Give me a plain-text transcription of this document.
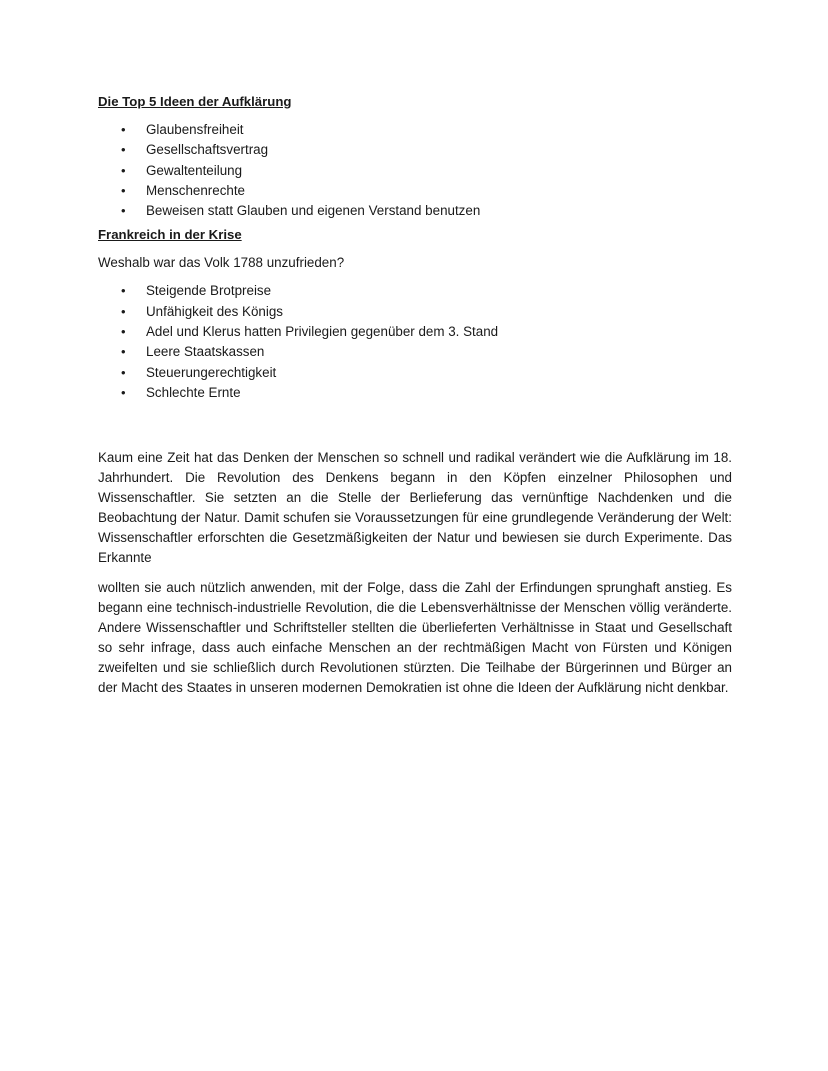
Die Top 5 Ideen der Aufklärung

• Glaubensfreiheit
• Gesellschaftsvertrag
• Gewaltenteilung
• Menschenrechte
• Beweisen statt Glauben und eigenen Verstand benutzen

Frankreich in der Krise

Weshalb war das Volk 1788 unzufrieden?

• Steigende Brotpreise
• Unfähigkeit des Königs
• Adel und Klerus hatten Privilegien gegenüber dem 3. Stand
• Leere Staatskassen
• Steuerungerechtigkeit
• Schlechte Ernte

Kaum eine Zeit hat das Denken der Menschen so schnell und radikal verändert wie die Aufklärung im 18. Jahrhundert. Die Revolution des Denkens begann in den Köpfen einzelner Philosophen und Wissenschaftler. Sie setzten an die Stelle der Berlieferung das vernünftige Nachdenken und die Beobachtung der Natur. Damit schufen sie Voraussetzungen für eine grundlegende Veränderung der Welt: Wissenschaftler erforschten die Gesetzmäßigkeiten der Natur und bewiesen sie durch Experimente. Das Erkannte

wollten sie auch nützlich anwenden, mit der Folge, dass die Zahl der Erfindungen sprunghaft anstieg. Es begann eine technisch-industrielle Revolution, die die Lebensverhältnisse der Menschen völlig veränderte. Andere Wissenschaftler und Schriftsteller stellten die überlieferten Verhältnisse in Staat und Gesellschaft so sehr infrage, dass auch einfache Menschen an der rechtmäßigen Macht von Fürsten und Königen zweifelten und sie schließlich durch Revolutionen stürzten. Die Teilhabe der Bürgerinnen und Bürger an der Macht des Staates in unseren modernen Demokratien ist ohne die Ideen der Aufklärung nicht denkbar.
